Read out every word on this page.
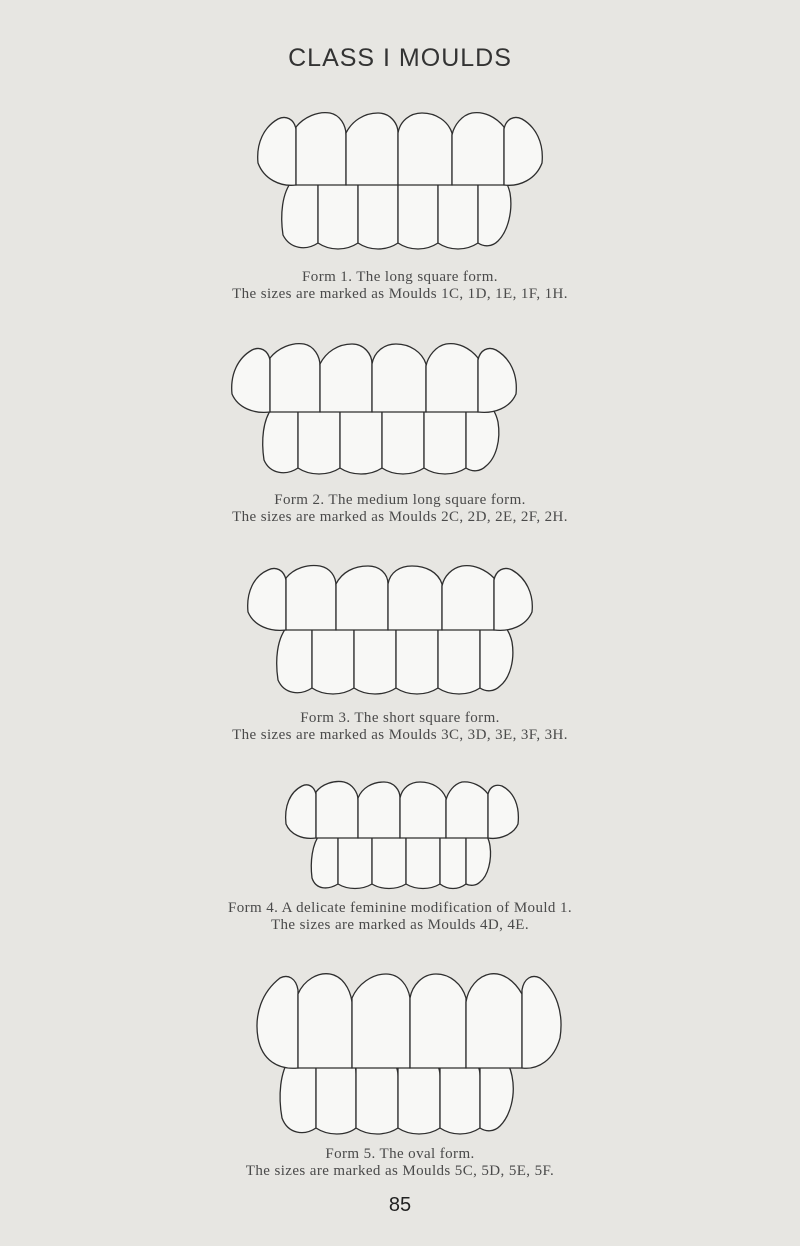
CLASS I MOULDS
Form 1. The long square form.
The sizes are marked as Moulds 1C, 1D, 1E, 1F, 1H.
Form 2. The medium long square form.
The sizes are marked as Moulds 2C, 2D, 2E, 2F, 2H.
Form 3. The short square form.
The sizes are marked as Moulds 3C, 3D, 3E, 3F, 3H.
Form 4. A delicate feminine modification of Mould 1.
The sizes are marked as Moulds 4D, 4E.
Form 5. The oval form.
The sizes are marked as Moulds 5C, 5D, 5E, 5F.
85
